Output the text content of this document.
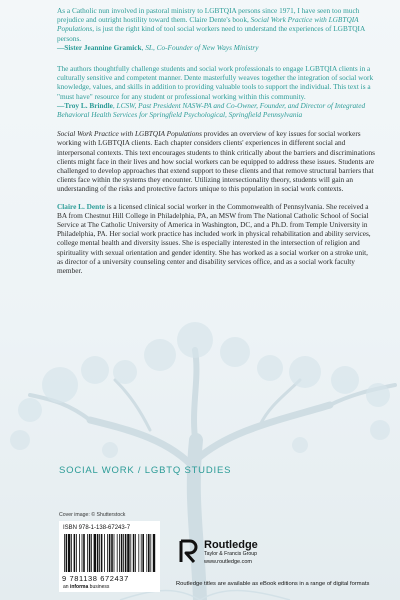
As a Catholic nun involved in pastoral ministry to LGBTQIA persons since 1971, I have seen too much prejudice and outright hostility toward them. Claire Dente's book, Social Work Practice with LGBTQIA Populations, is just the right kind of tool social workers need to understand the experiences of LGBTQIA persons.

—Sister Jeannine Gramick, SL, Co-Founder of New Ways Ministry

The authors thoughtfully challenge students and social work professionals to engage LGBTQIA clients in a culturally sensitive and competent manner. Dente masterfully weaves together the integration of social work knowledge, values, and skills in addition to providing valuable tools to support the individual. This text is a "must have" resource for any student or professional working within this community.

—Troy L. Brindle, LCSW, Past President NASW-PA and Co-Owner, Founder, and Director of Integrated Behavioral Health Services for Springfield Psychological, Springfield Pennsylvania

Social Work Practice with LGBTQIA Populations provides an overview of key issues for social workers working with LGBTQIA clients. Each chapter considers clients' experiences in different social and interpersonal contexts. This text encourages students to think critically about the barriers and discriminations clients might face in their lives and how social workers can be equipped to address these issues. Students are challenged to develop approaches that extend support to these clients and that remove structural barriers that clients face within the systems they encounter. Utilizing intersectionality theory, students will gain an understanding of the risks and protective factors unique to this population in social work contexts.

Claire L. Dente is a licensed clinical social worker in the Commonwealth of Pennsylvania. She received a BA from Chestnut Hill College in Philadelphia, PA, an MSW from The National Catholic School of Social Service at The Catholic University of America in Washington, DC, and a Ph.D. from Temple University in Philadelphia, PA. Her social work practice has included work in physical rehabilitation and ability services, college mental health and diversity issues. She is especially interested in the intersection of religion and spirituality with sexual orientation and gender identity. She has worked as a social worker on a stroke unit, as director of a university counseling center and disability services office, and as a social work faculty member.

SOCIAL WORK / LGBTQ STUDIES
Cover image: © Shutterstock
ISBN 978-1-138-67243-7
9 781138 672437
an informa business
Routledge
Taylor & Francis Group
www.routledge.com
Routledge titles are available as eBook editions in a range of digital formats
